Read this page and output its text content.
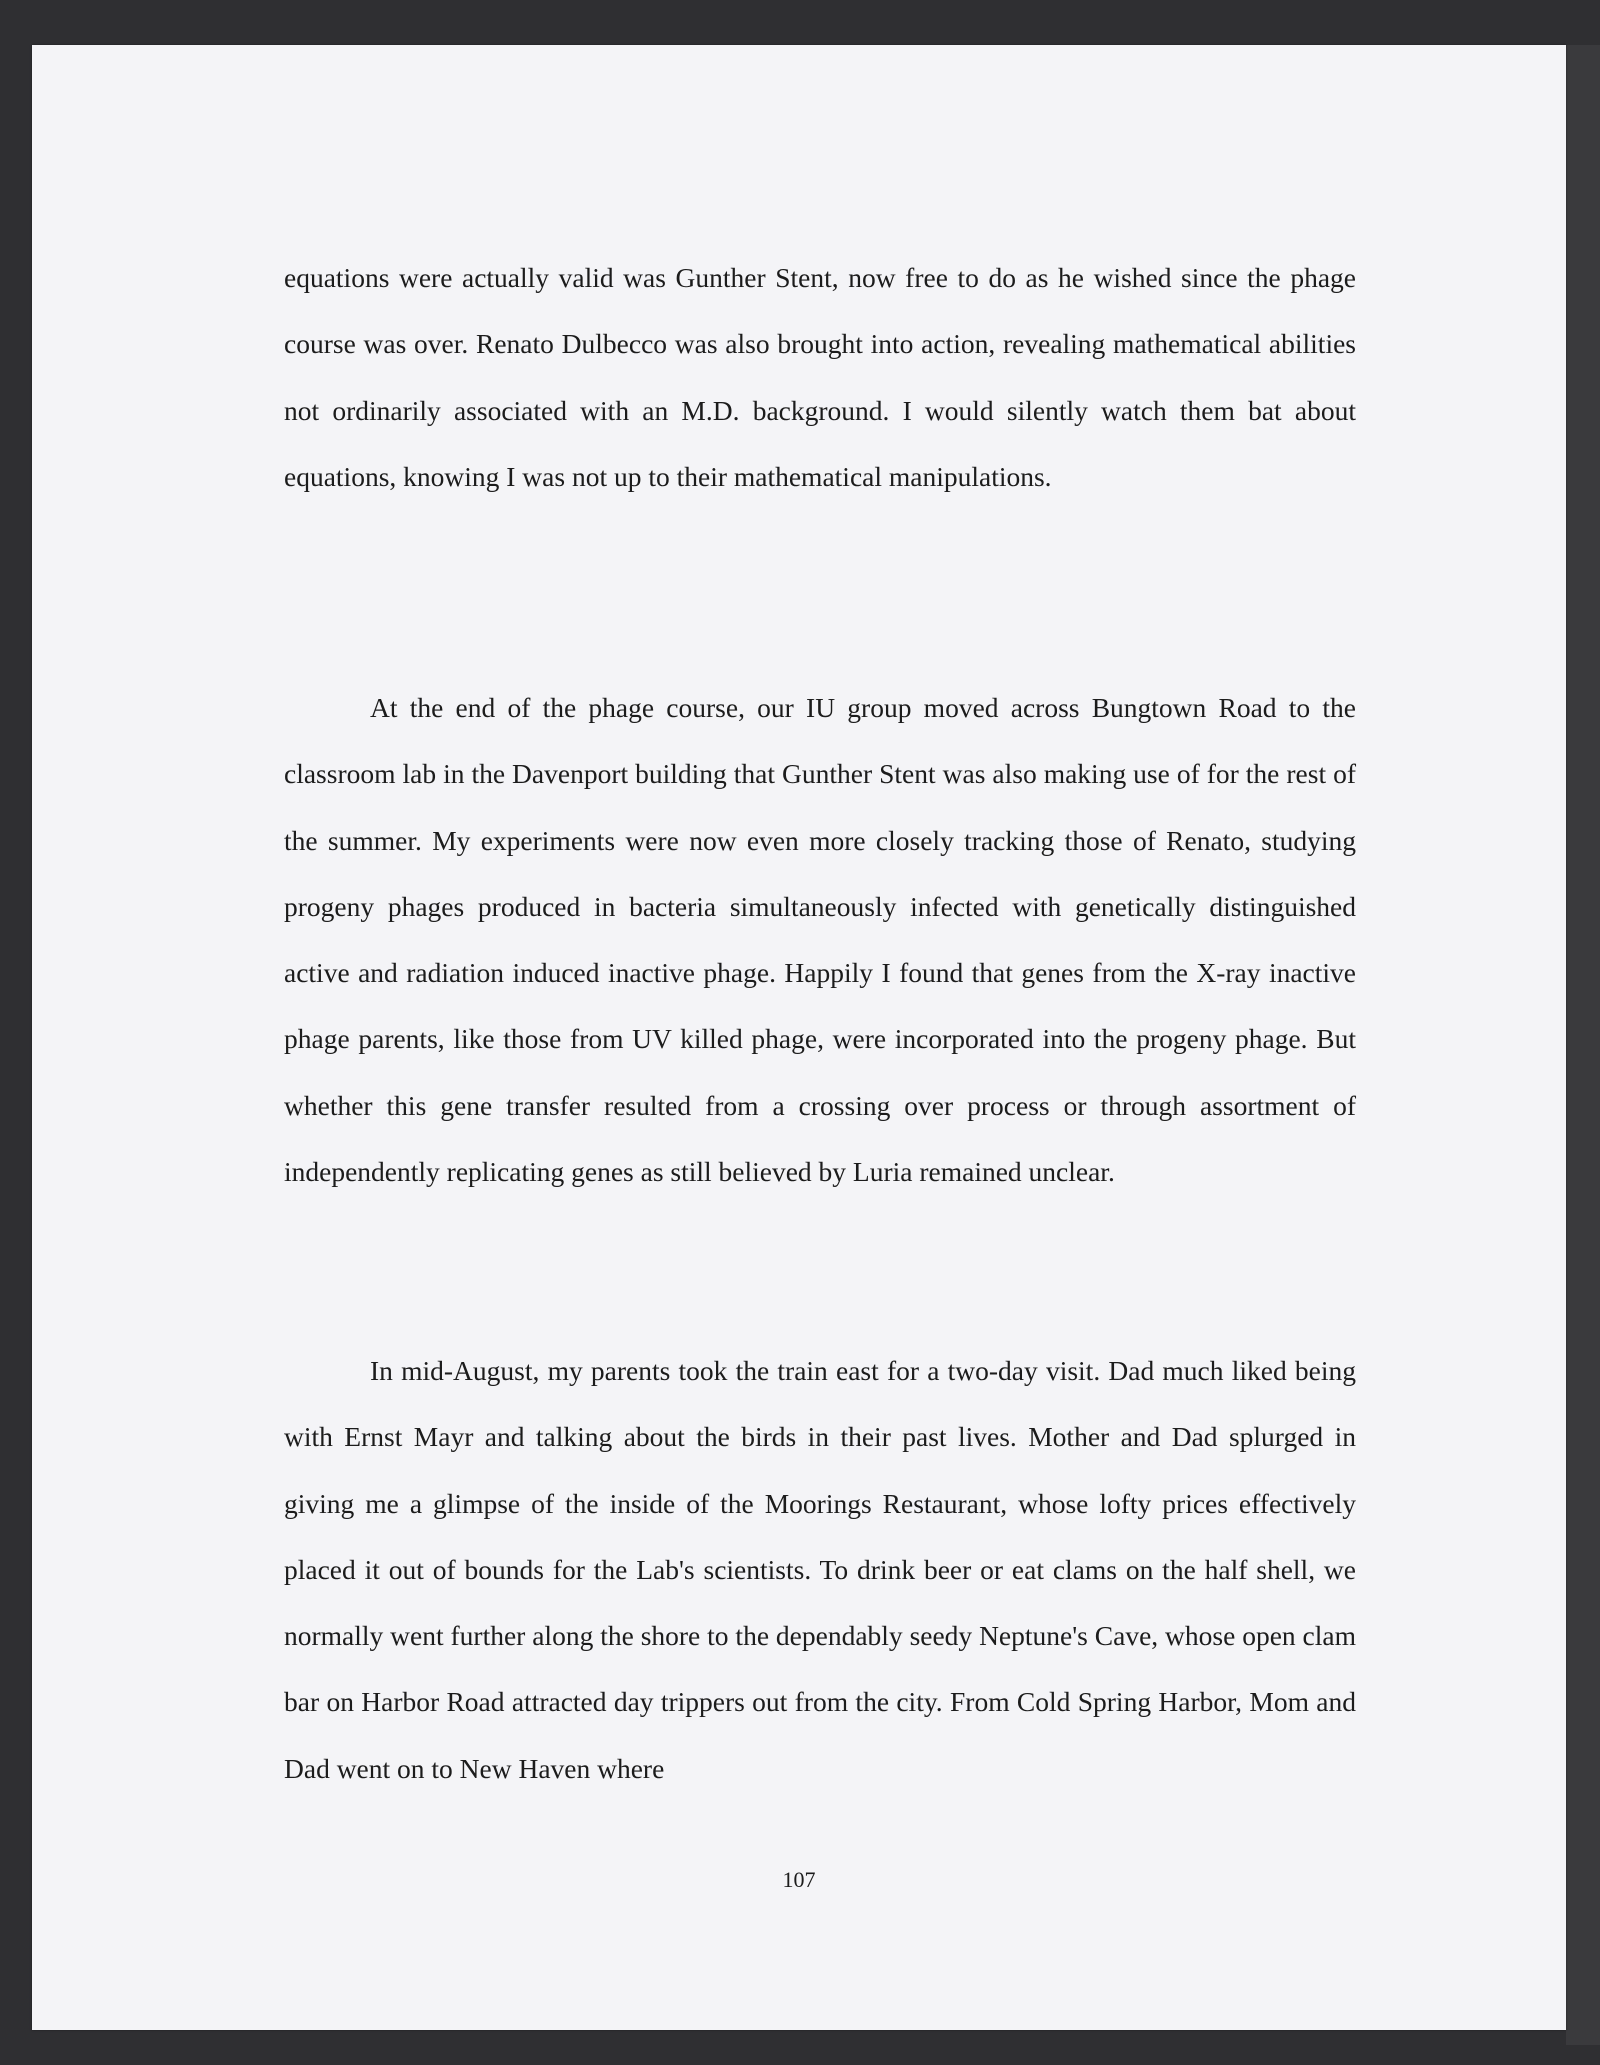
equations were actually valid was Gunther Stent, now free to do as he wished since the phage course was over. Renato Dulbecco was also brought into action, revealing mathematical abilities not ordinarily associated with an M.D. background. I would silently watch them bat about equations, knowing I was not up to their mathematical manipulations.

At the end of the phage course, our IU group moved across Bungtown Road to the classroom lab in the Davenport building that Gunther Stent was also making use of for the rest of the summer. My experiments were now even more closely tracking those of Renato, studying progeny phages produced in bacteria simultaneously infected with genetically distinguished active and radiation induced inactive phage. Happily I found that genes from the X-ray inactive phage parents, like those from UV killed phage, were incorporated into the progeny phage. But whether this gene transfer resulted from a crossing over process or through assortment of independently replicating genes as still believed by Luria remained unclear.

In mid-August, my parents took the train east for a two-day visit. Dad much liked being with Ernst Mayr and talking about the birds in their past lives. Mother and Dad splurged in giving me a glimpse of the inside of the Moorings Restaurant, whose lofty prices effectively placed it out of bounds for the Lab's scientists. To drink beer or eat clams on the half shell, we normally went further along the shore to the dependably seedy Neptune's Cave, whose open clam bar on Harbor Road attracted day trippers out from the city. From Cold Spring Harbor, Mom and Dad went on to New Haven where

107
